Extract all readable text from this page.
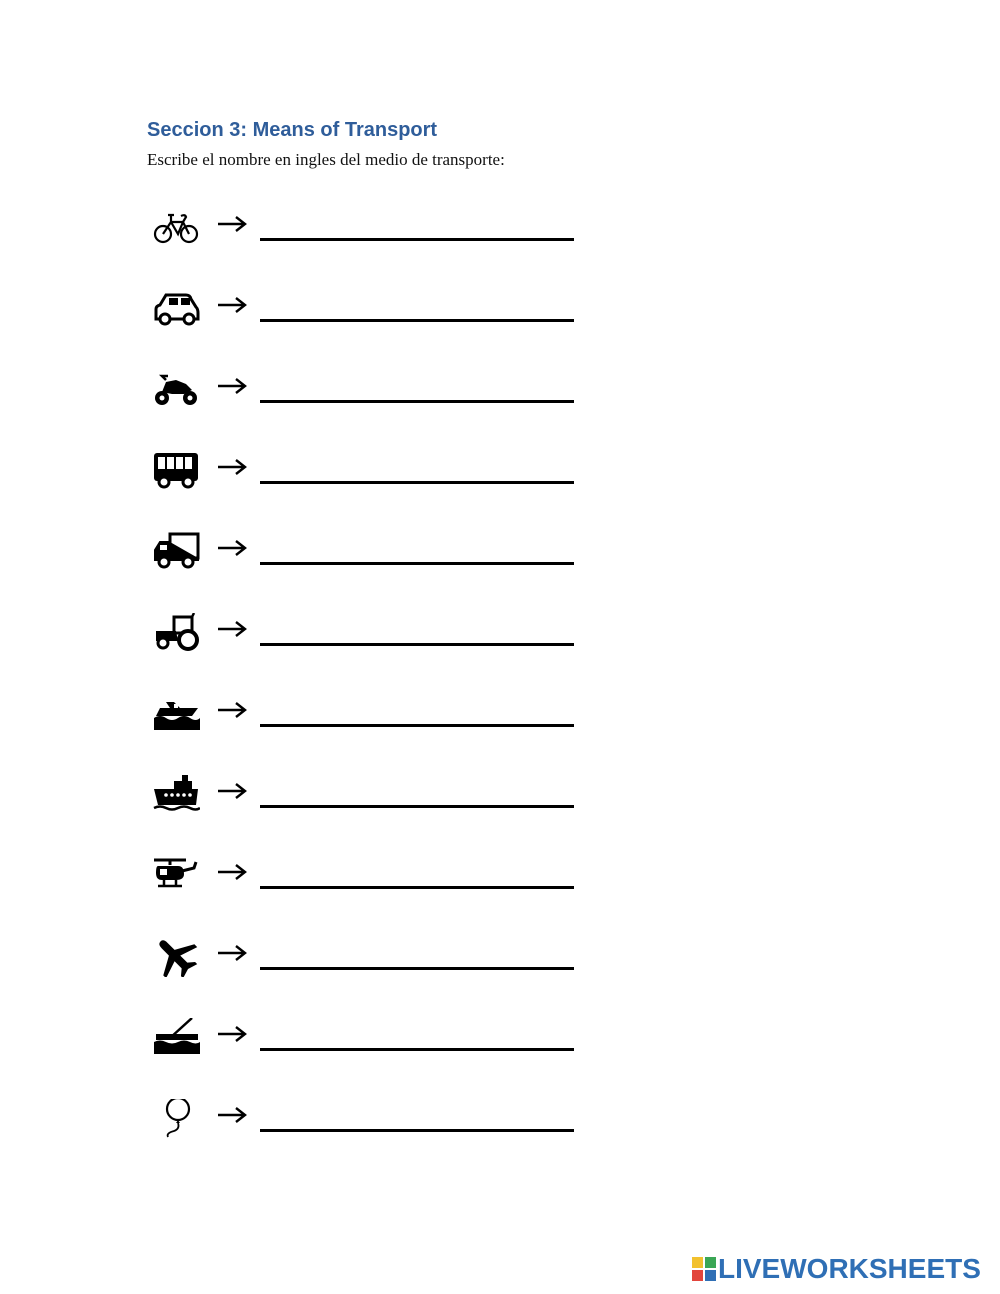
Seccion 3: Means of Transport
Escribe el nombre en ingles del medio de transporte:
LIVEWORKSHEETS
